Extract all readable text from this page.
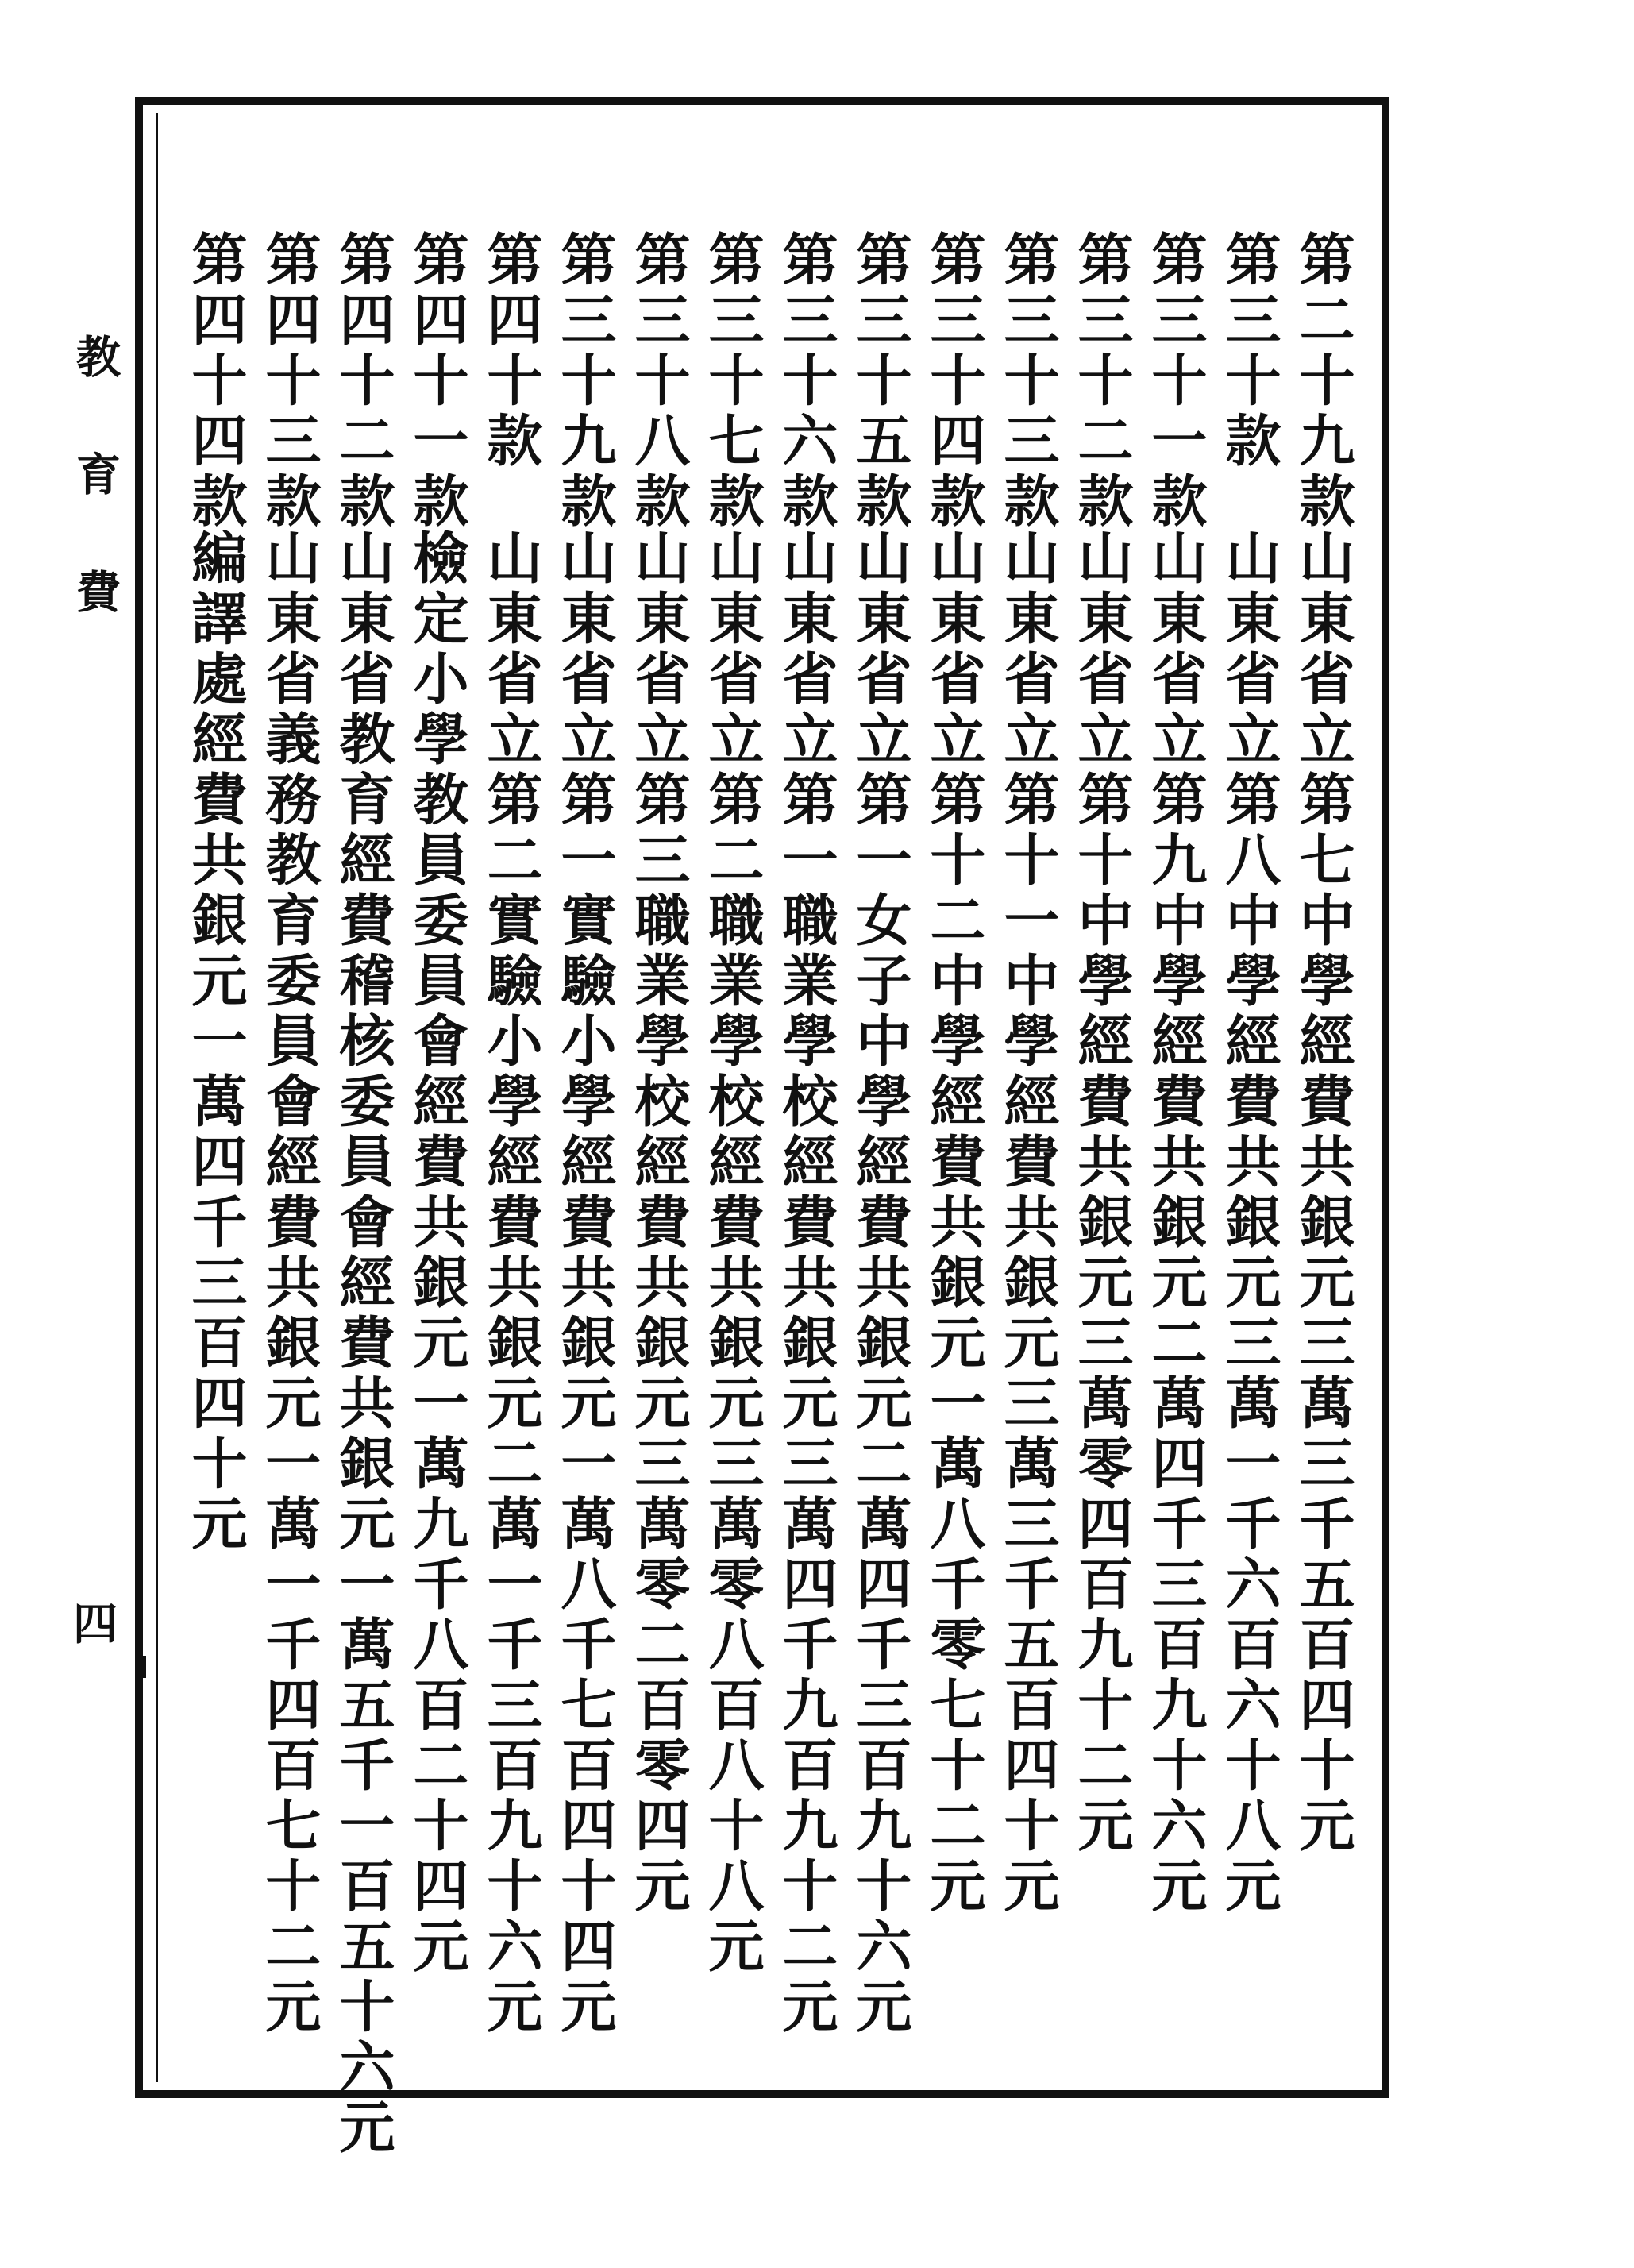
教育費
四
第二十九款山東省立第七中學經費共銀元三萬三千五百四十元
第三十款山東省立第八中學經費共銀元三萬一千六百六十八元
第三十一款山東省立第九中學經費共銀元二萬四千三百九十六元
第三十二款山東省立第十中學經費共銀元三萬零四百九十二元
第三十三款山東省立第十一中學經費共銀元三萬三千五百四十元
第三十四款山東省立第十二中學經費共銀元一萬八千零七十二元
第三十五款山東省立第一女子中學經費共銀元二萬四千三百九十六元
第三十六款山東省立第一職業學校經費共銀元三萬四千九百九十二元
第三十七款山東省立第二職業學校經費共銀元三萬零八百八十八元
第三十八款山東省立第三職業學校經費共銀元三萬零二百零四元
第三十九款山東省立第一實驗小學經費共銀元一萬八千七百四十四元
第四十款山東省立第二實驗小學經費共銀元二萬一千三百九十六元
第四十一款檢定小學教員委員會經費共銀元一萬九千八百二十四元
第四十二款山東省教育經費稽核委員會經費共銀元一萬五千一百五十六元
第四十三款山東省義務教育委員會經費共銀元一萬一千四百七十二元
第四十四款編譯處經費共銀元一萬四千三百四十元
